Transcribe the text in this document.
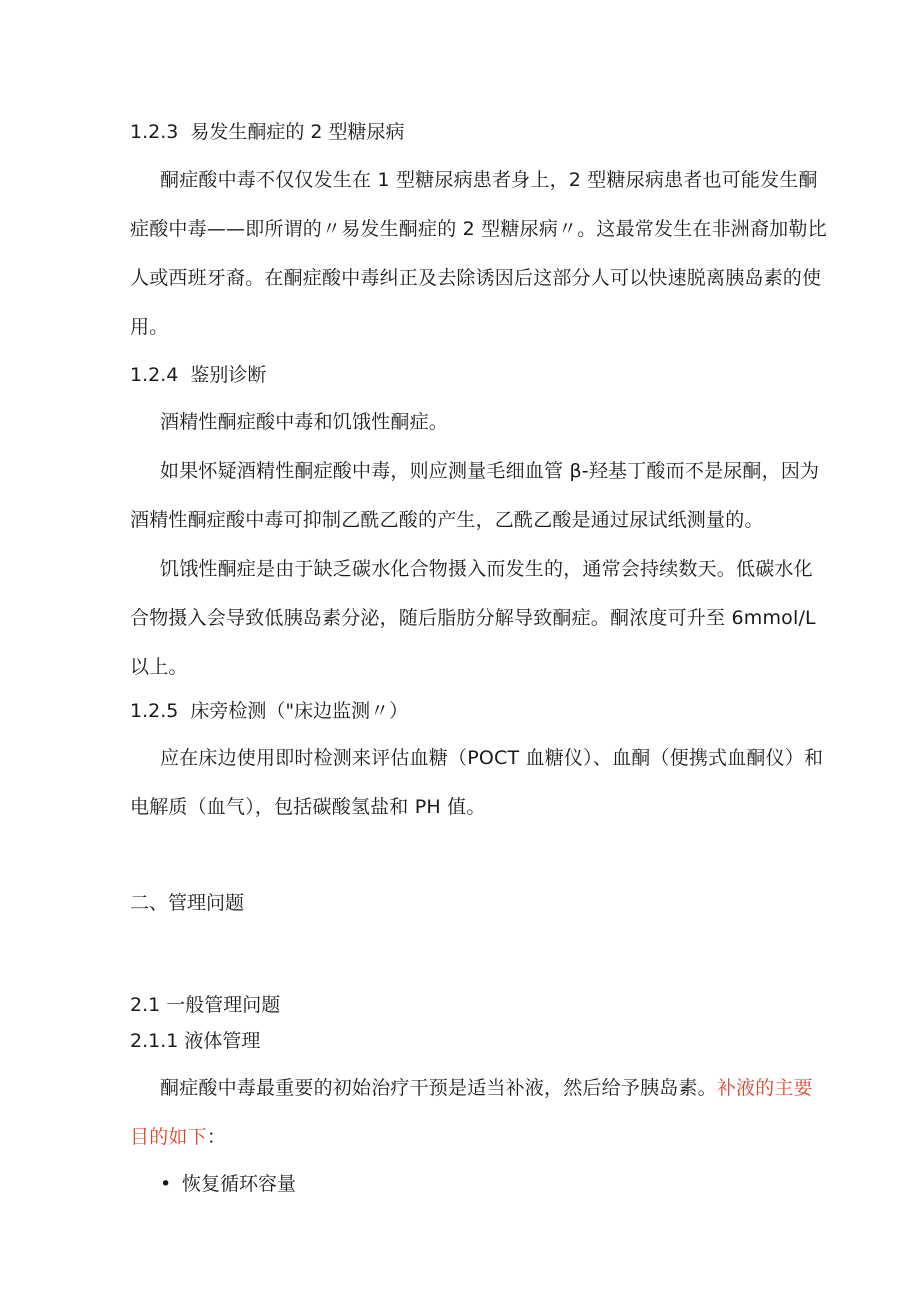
1.2.3 易发生酮症的 2 型糖尿病
酮症酸中毒不仅仅发生在 1 型糖尿病患者身上，2 型糖尿病患者也可能发生酮症酸中毒——即所谓的〃易发生酮症的 2 型糖尿病〃。这最常发生在非洲裔加勒比人或西班牙裔。在酮症酸中毒纠正及去除诱因后这部分人可以快速脱离胰岛素的使用。
1.2.4 鉴别诊断
酒精性酮症酸中毒和饥饿性酮症。
如果怀疑酒精性酮症酸中毒，则应测量毛细血管 β-羟基丁酸而不是尿酮，因为酒精性酮症酸中毒可抑制乙酰乙酸的产生，乙酰乙酸是通过尿试纸测量的。
饥饿性酮症是由于缺乏碳水化合物摄入而发生的，通常会持续数天。低碳水化合物摄入会导致低胰岛素分泌，随后脂肪分解导致酮症。酮浓度可升至 6mmol/L 以上。
1.2.5 床旁检测（"床边监测〃）
应在床边使用即时检测来评估血糖（POCT 血糖仪）、血酮（便携式血酮仪）和电解质（血气），包括碳酸氢盐和 PH 值。
二、管理问题
2.1 一般管理问题
2.1.1 液体管理
酮症酸中毒最重要的初始治疗干预是适当补液，然后给予胰岛素。补液的主要目的如下：
• 恢复循环容量
